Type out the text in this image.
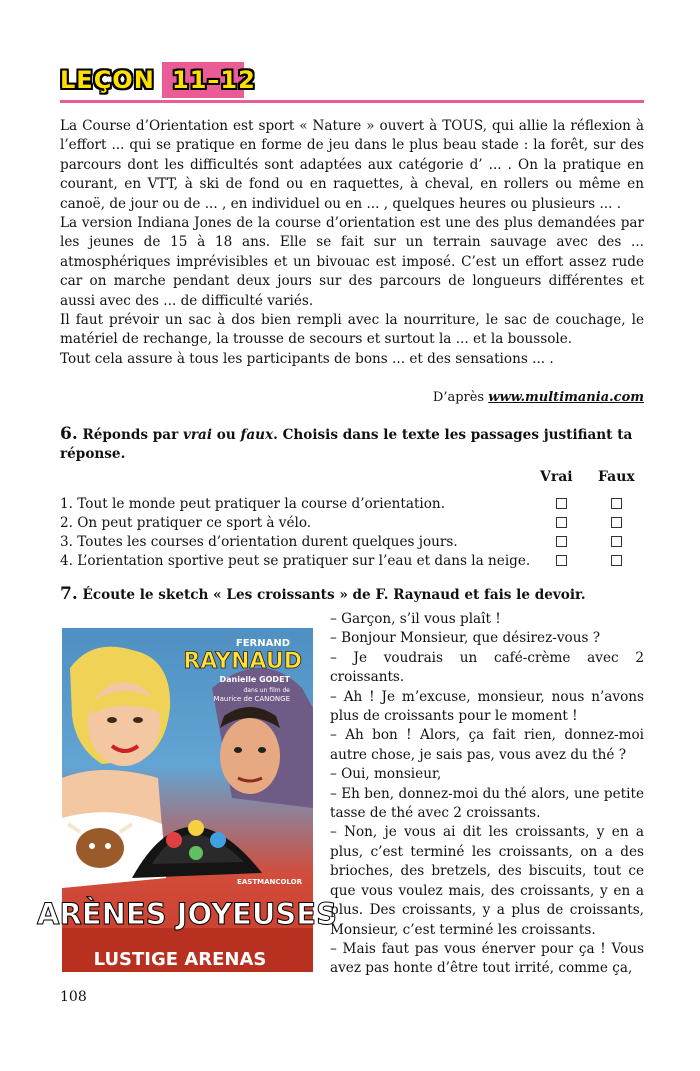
LEÇON 11–12

La Course d’Orientation est sport « Nature » ouvert à TOUS, qui allie la réflexion à l’effort ... qui se pratique en forme de jeu dans le plus beau stade : la forêt, sur des parcours dont les difficultés sont adaptées aux catégorie d’ ... . On la pratique en courant, en VTT, à ski de fond ou en raquettes, à cheval, en rollers ou même en canoë, de jour ou de ... , en individuel ou en ... , quelques heures ou plusieurs ... .

La version Indiana Jones de la course d’orientation est une des plus demandées par les jeunes de 15 à 18 ans. Elle se fait sur un terrain sauvage avec des ... atmosphériques imprévisibles et un bivouac est imposé. C’est un effort assez rude car on marche pendant deux jours sur des parcours de longueurs différentes et aussi avec des ... de difficulté variés.

Il faut prévoir un sac à dos bien rempli avec la nourriture, le sac de couchage, le matériel de rechange, la trousse de secours et surtout la ... et la boussole.

Tout cela assure à tous les participants de bons ... et des sensations ... .

D’après www.multimania.com
6. Réponds par vrai ou faux. Choisis dans le texte les passages justifiant ta réponse.
Vrai Faux
1. Tout le monde peut pratiquer la course d’orientation.
2. On peut pratiquer ce sport à vélo.
3. Toutes les courses d’orientation durent quelques jours.
4. L’orientation sportive peut se pratiquer sur l’eau et dans la neige.
7. Écoute le sketch « Les croissants » de F. Raynaud et fais le devoir.
FERNAND
RAYNAUD
Danielle GODET
dans un film de
Maurice de CANONGE
EASTMANCOLOR
ARÈNES JOYEUSES
LUSTIGE ARENAS

– Garçon, s’il vous plaît !

– Bonjour Monsieur, que désirez-vous ?

– Je voudrais un café-crème avec 2 croissants.

– Ah ! Je m’excuse, monsieur, nous n’avons plus de croissants pour le moment !

– Ah bon ! Alors, ça fait rien, donnez-moi autre chose, je sais pas, vous avez du thé ?

– Oui, monsieur,

– Eh ben, donnez-moi du thé alors, une petite tasse de thé avec 2 croissants.

– Non, je vous ai dit les croissants, y en a plus, c’est terminé les croissants, on a des brioches, des bretzels, des biscuits, tout ce que vous voulez mais, des croissants, y en a plus. Des croissants, y a plus de croissants, Monsieur, c’est terminé les croissants.

– Mais faut pas vous énerver pour ça ! Vous avez pas honte d’être tout irrité, comme ça,

108
